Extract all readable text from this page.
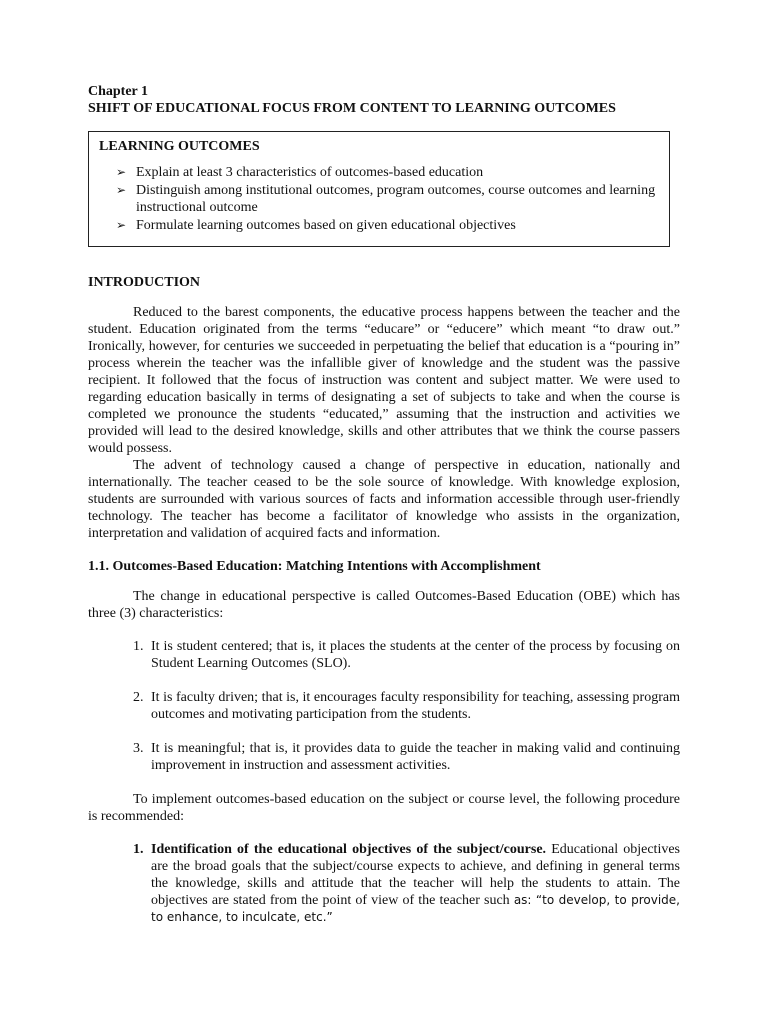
Chapter 1
SHIFT OF EDUCATIONAL FOCUS FROM CONTENT TO LEARNING OUTCOMES
LEARNING OUTCOMES
➢ Explain at least 3 characteristics of outcomes-based education
➢ Distinguish among institutional outcomes, program outcomes, course outcomes and learning instructional outcome
➢ Formulate learning outcomes based on given educational objectives
INTRODUCTION

Reduced to the barest components, the educative process happens between the teacher and the student. Education originated from the terms “educare” or “educere” which meant “to draw out.” Ironically, however, for centuries we succeeded in perpetuating the belief that education is a “pouring in” process wherein the teacher was the infallible giver of knowledge and the student was the passive recipient. It followed that the focus of instruction was content and subject matter. We were used to regarding education basically in terms of designating a set of subjects to take and when the course is completed we pronounce the students “educated,” assuming that the instruction and activities we provided will lead to the desired knowledge, skills and other attributes that we think the course passers would possess.

The advent of technology caused a change of perspective in education, nationally and internationally. The teacher ceased to be the sole source of knowledge. With knowledge explosion, students are surrounded with various sources of facts and information accessible through user-friendly technology. The teacher has become a facilitator of knowledge who assists in the organization, interpretation and validation of acquired facts and information.

1.1. Outcomes-Based Education: Matching Intentions with Accomplishment

The change in educational perspective is called Outcomes-Based Education (OBE) which has three (3) characteristics:

1. It is student centered; that is, it places the students at the center of the process by focusing on Student Learning Outcomes (SLO).
2. It is faculty driven; that is, it encourages faculty responsibility for teaching, assessing program outcomes and motivating participation from the students.
3. It is meaningful; that is, it provides data to guide the teacher in making valid and continuing improvement in instruction and assessment activities.

To implement outcomes-based education on the subject or course level, the following procedure is recommended:

1. Identification of the educational objectives of the subject/course. Educational objectives are the broad goals that the subject/course expects to achieve, and defining in general terms the knowledge, skills and attitude that the teacher will help the students to attain. The objectives are stated from the point of view of the teacher such as: “to develop, to provide, to enhance, to inculcate, etc.”
